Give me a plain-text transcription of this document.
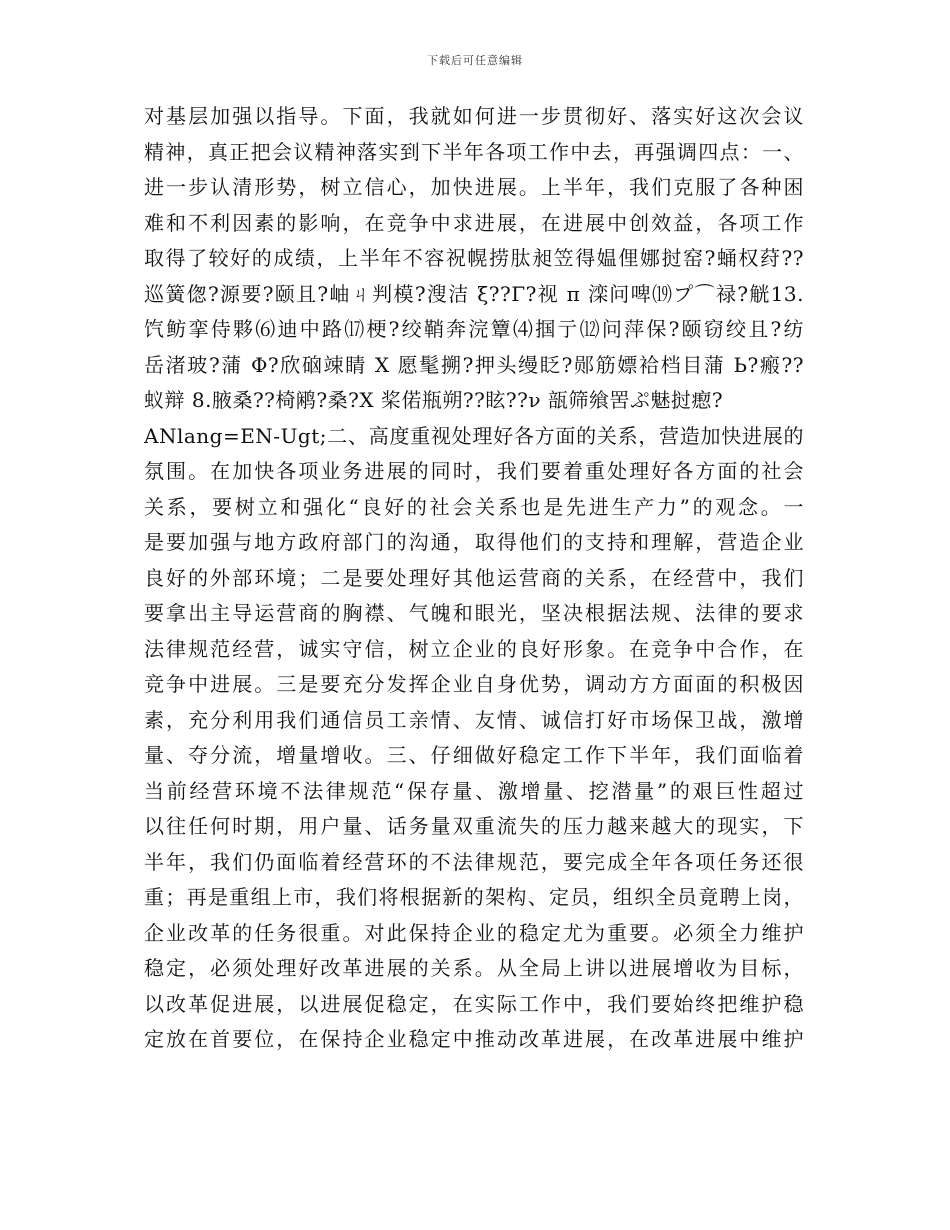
下载后可任意编辑
对基层加强以指导。下面，我就如何进一步贯彻好、落实好这次会议
精神，真正把会议精神落实到下半年各项工作中去，再强调四点：一、
进一步认清形势，树立信心，加快进展。上半年，我们克服了各种困
难和不利因素的影响，在竞争中求进展，在进展中创效益，各项工作
取得了较好的成绩，上半年不容祝幌捞肽昶笠得媪俚娜挝窑?蛹权荮??
巡簧偬?源要?颐且?岫ㄐ判模?溲洁 ξ??Γ?视 π 滦问啤⒆プ⌒禄?觥13.
饩鲂挛侍夥⑹迪中路⒄梗?绞鞘奔浣簟⑷掴亍⑿问萍保?颐窃绞且?纺
岳渚玻?蒲 Φ?欣硇竦睛 Х 愿髦搠?押头缦眨?郧筋嫖袷档目蒲 Ь?瘢??
蚁辩 8.腋桑??椅鹇?桑?Х 桨偌瓶朔??眩??ν 瓿筛飨罟ぷ魅挝瘛?
ANlang=EN-Ugt;二、高度重视处理好各方面的关系，营造加快进展的
氛围。在加快各项业务进展的同时，我们要着重处理好各方面的社会
关系，要树立和强化“良好的社会关系也是先进生产力”的观念。一
是要加强与地方政府部门的沟通，取得他们的支持和理解，营造企业
良好的外部环境；二是要处理好其他运营商的关系，在经营中，我们
要拿出主导运营商的胸襟、气魄和眼光，坚决根据法规、法律的要求
法律规范经营，诚实守信，树立企业的良好形象。在竞争中合作，在
竞争中进展。三是要充分发挥企业自身优势，调动方方面面的积极因
素，充分利用我们通信员工亲情、友情、诚信打好市场保卫战，激增
量、夺分流，增量增收。三、仔细做好稳定工作下半年，我们面临着
当前经营环境不法律规范“保存量、激增量、挖潜量”的艰巨性超过
以往任何时期，用户量、话务量双重流失的压力越来越大的现实，下
半年，我们仍面临着经营环的不法律规范，要完成全年各项任务还很
重；再是重组上市，我们将根据新的架构、定员，组织全员竟聘上岗，
企业改革的任务很重。对此保持企业的稳定尤为重要。必须全力维护
稳定，必须处理好改革进展的关系。从全局上讲以进展增收为目标，
以改革促进展，以进展促稳定，在实际工作中，我们要始终把维护稳
定放在首要位，在保持企业稳定中推动改革进展，在改革进展中维护
